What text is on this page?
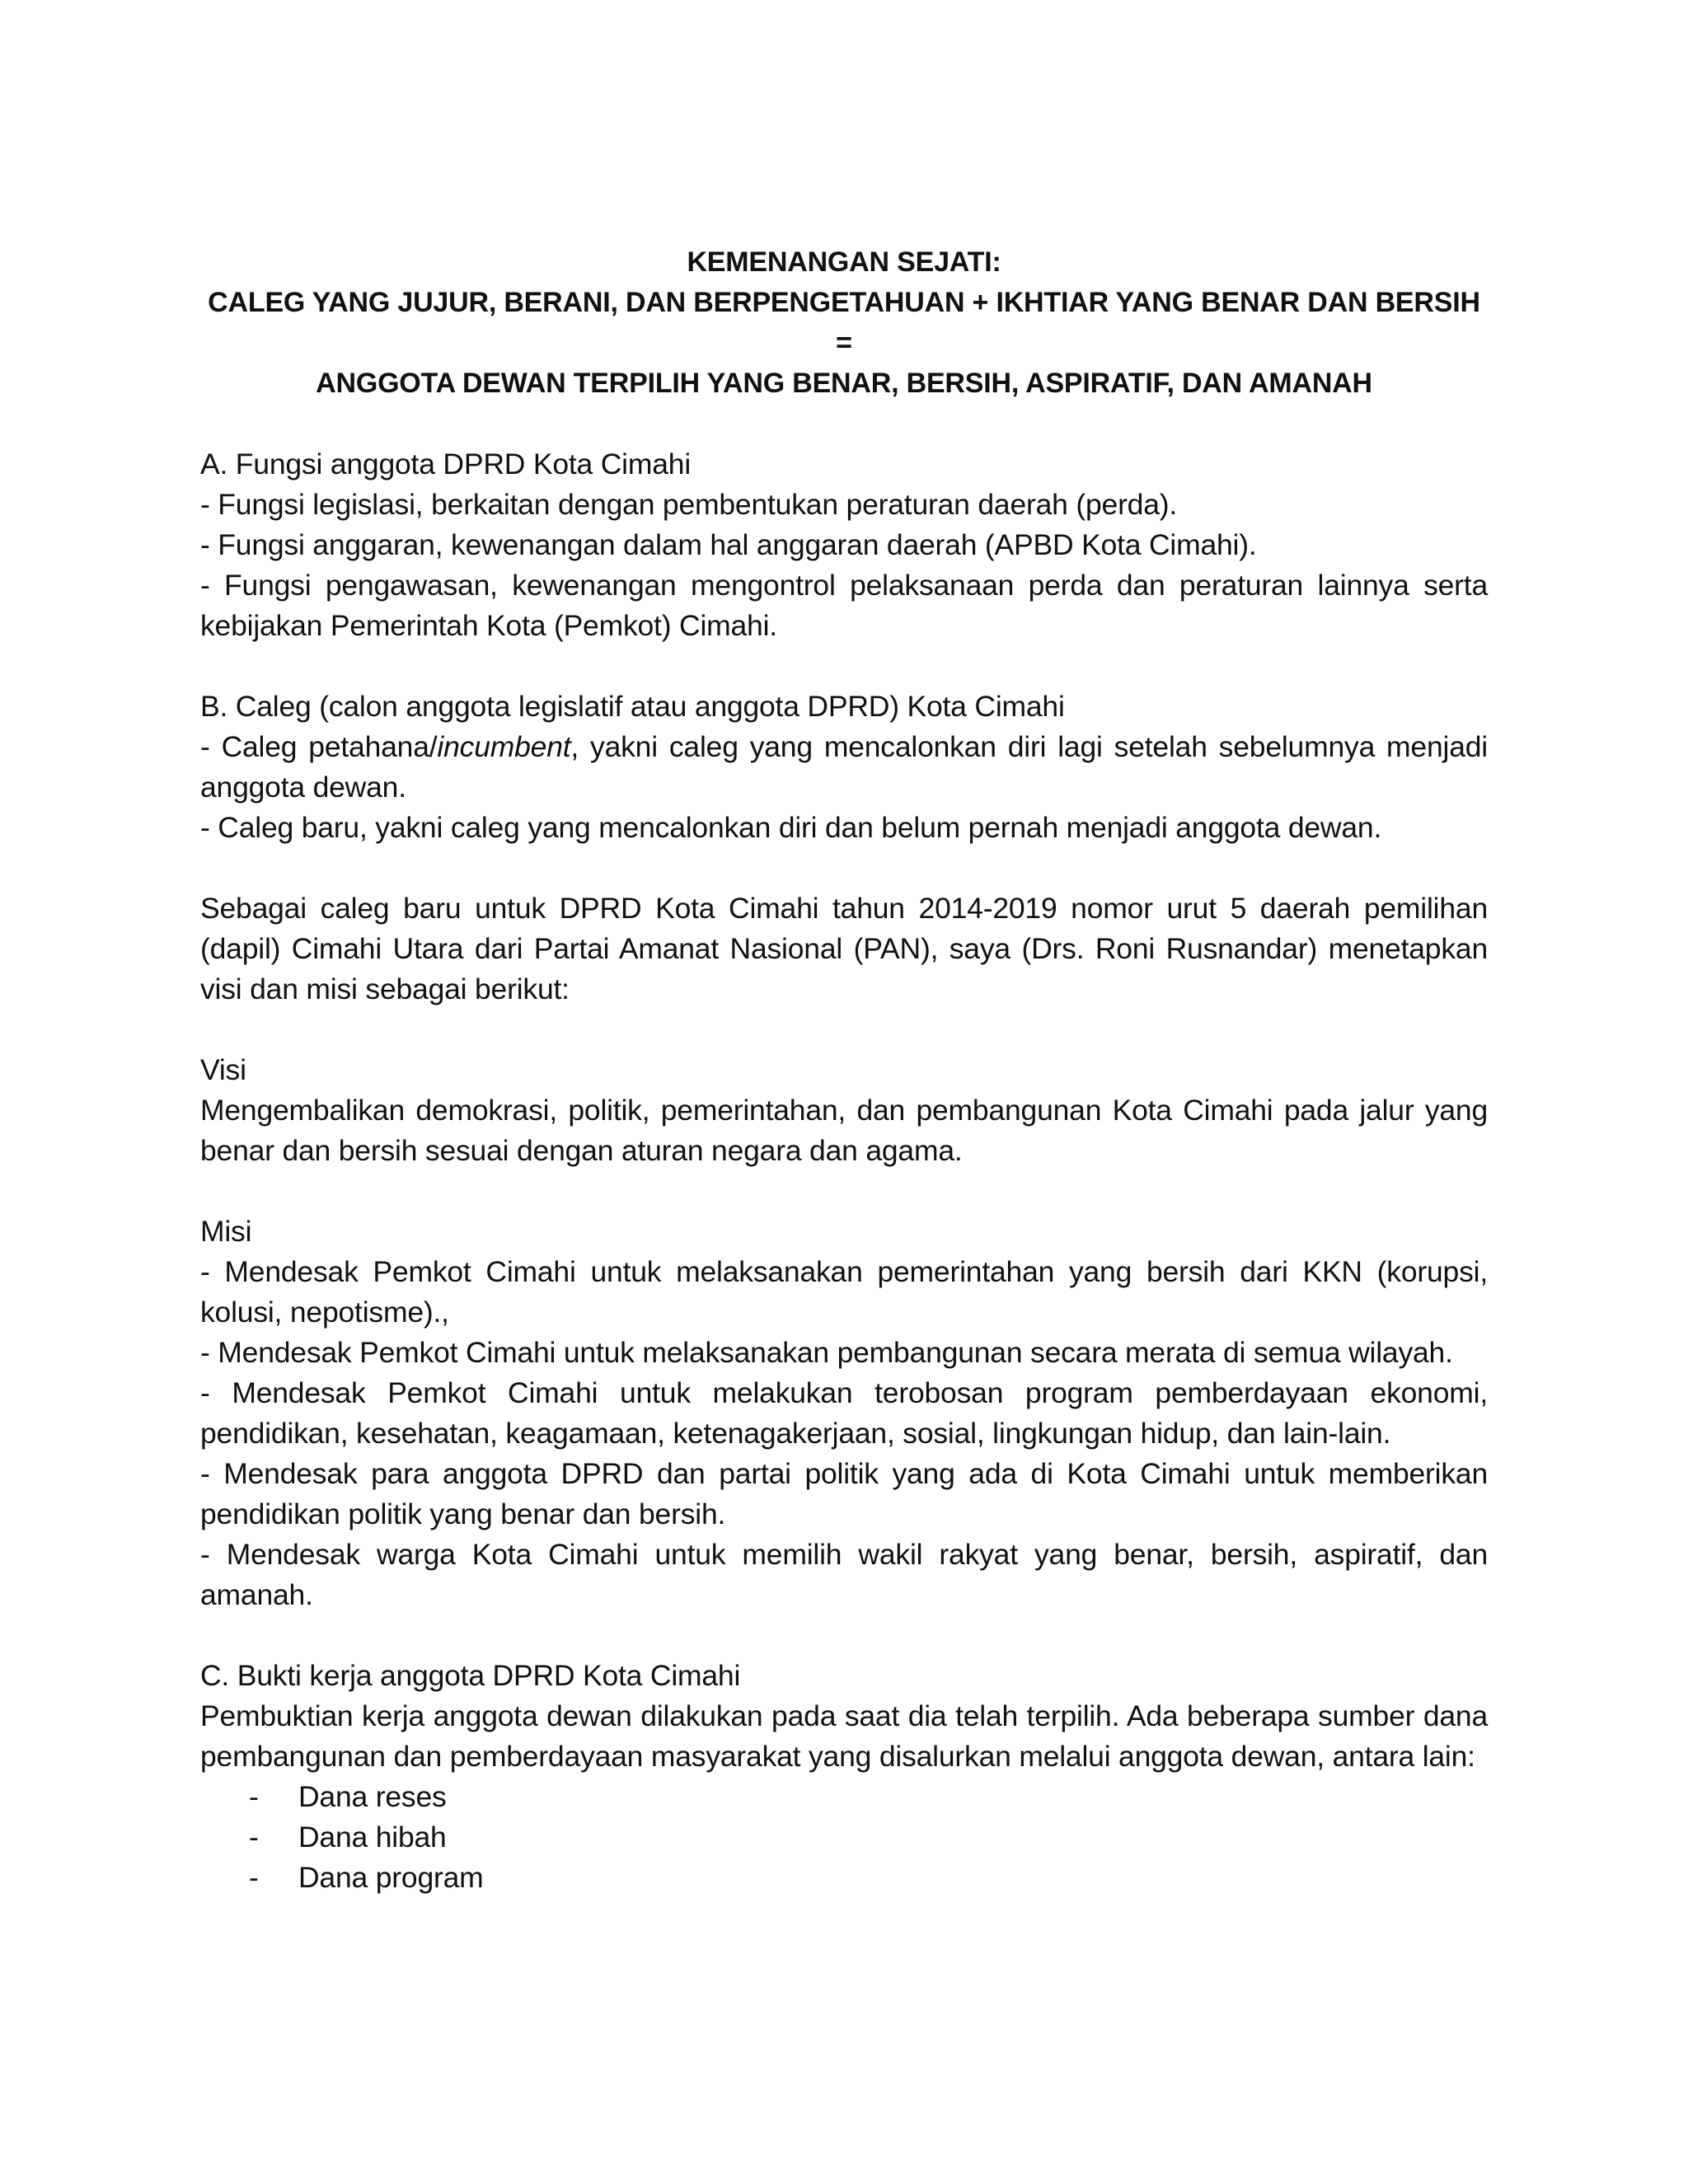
KEMENANGAN SEJATI:

CALEG YANG JUJUR, BERANI, DAN BERPENGETAHUAN + IKHTIAR YANG BENAR DAN BERSIH =

ANGGOTA DEWAN TERPILIH YANG BENAR, BERSIH, ASPIRATIF, DAN AMANAH

A. Fungsi anggota DPRD Kota Cimahi

- Fungsi legislasi, berkaitan dengan pembentukan peraturan daerah (perda).

- Fungsi anggaran, kewenangan dalam hal anggaran daerah (APBD Kota Cimahi).

- Fungsi pengawasan, kewenangan mengontrol pelaksanaan perda dan peraturan lainnya serta kebijakan Pemerintah Kota (Pemkot) Cimahi.

B. Caleg (calon anggota legislatif atau anggota DPRD) Kota Cimahi

- Caleg petahana/incumbent, yakni caleg yang mencalonkan diri lagi setelah sebelumnya menjadi anggota dewan.

- Caleg baru, yakni caleg yang mencalonkan diri dan belum pernah menjadi anggota dewan.

Sebagai caleg baru untuk DPRD Kota Cimahi tahun 2014-2019 nomor urut 5 daerah pemilihan (dapil) Cimahi Utara dari Partai Amanat Nasional (PAN), saya (Drs. Roni Rusnandar) menetapkan visi dan misi sebagai berikut:

Visi

Mengembalikan demokrasi, politik, pemerintahan, dan pembangunan Kota Cimahi pada jalur yang benar dan bersih sesuai dengan aturan negara dan agama.

Misi

- Mendesak Pemkot Cimahi untuk melaksanakan pemerintahan yang bersih dari KKN (korupsi, kolusi, nepotisme).,

- Mendesak Pemkot Cimahi untuk melaksanakan pembangunan secara merata di semua wilayah.

- Mendesak Pemkot Cimahi untuk melakukan terobosan program pemberdayaan ekonomi, pendidikan, kesehatan, keagamaan, ketenagakerjaan, sosial, lingkungan hidup, dan lain-lain.

- Mendesak para anggota DPRD dan partai politik yang ada di Kota Cimahi untuk memberikan pendidikan politik yang benar dan bersih.

- Mendesak warga Kota Cimahi untuk memilih wakil rakyat yang benar, bersih, aspiratif, dan amanah.

C. Bukti kerja anggota DPRD Kota Cimahi

Pembuktian kerja anggota dewan dilakukan pada saat dia telah terpilih. Ada beberapa sumber dana pembangunan dan pemberdayaan masyarakat yang disalurkan melalui anggota dewan, antara lain:

- Dana reses
- Dana hibah
- Dana program
